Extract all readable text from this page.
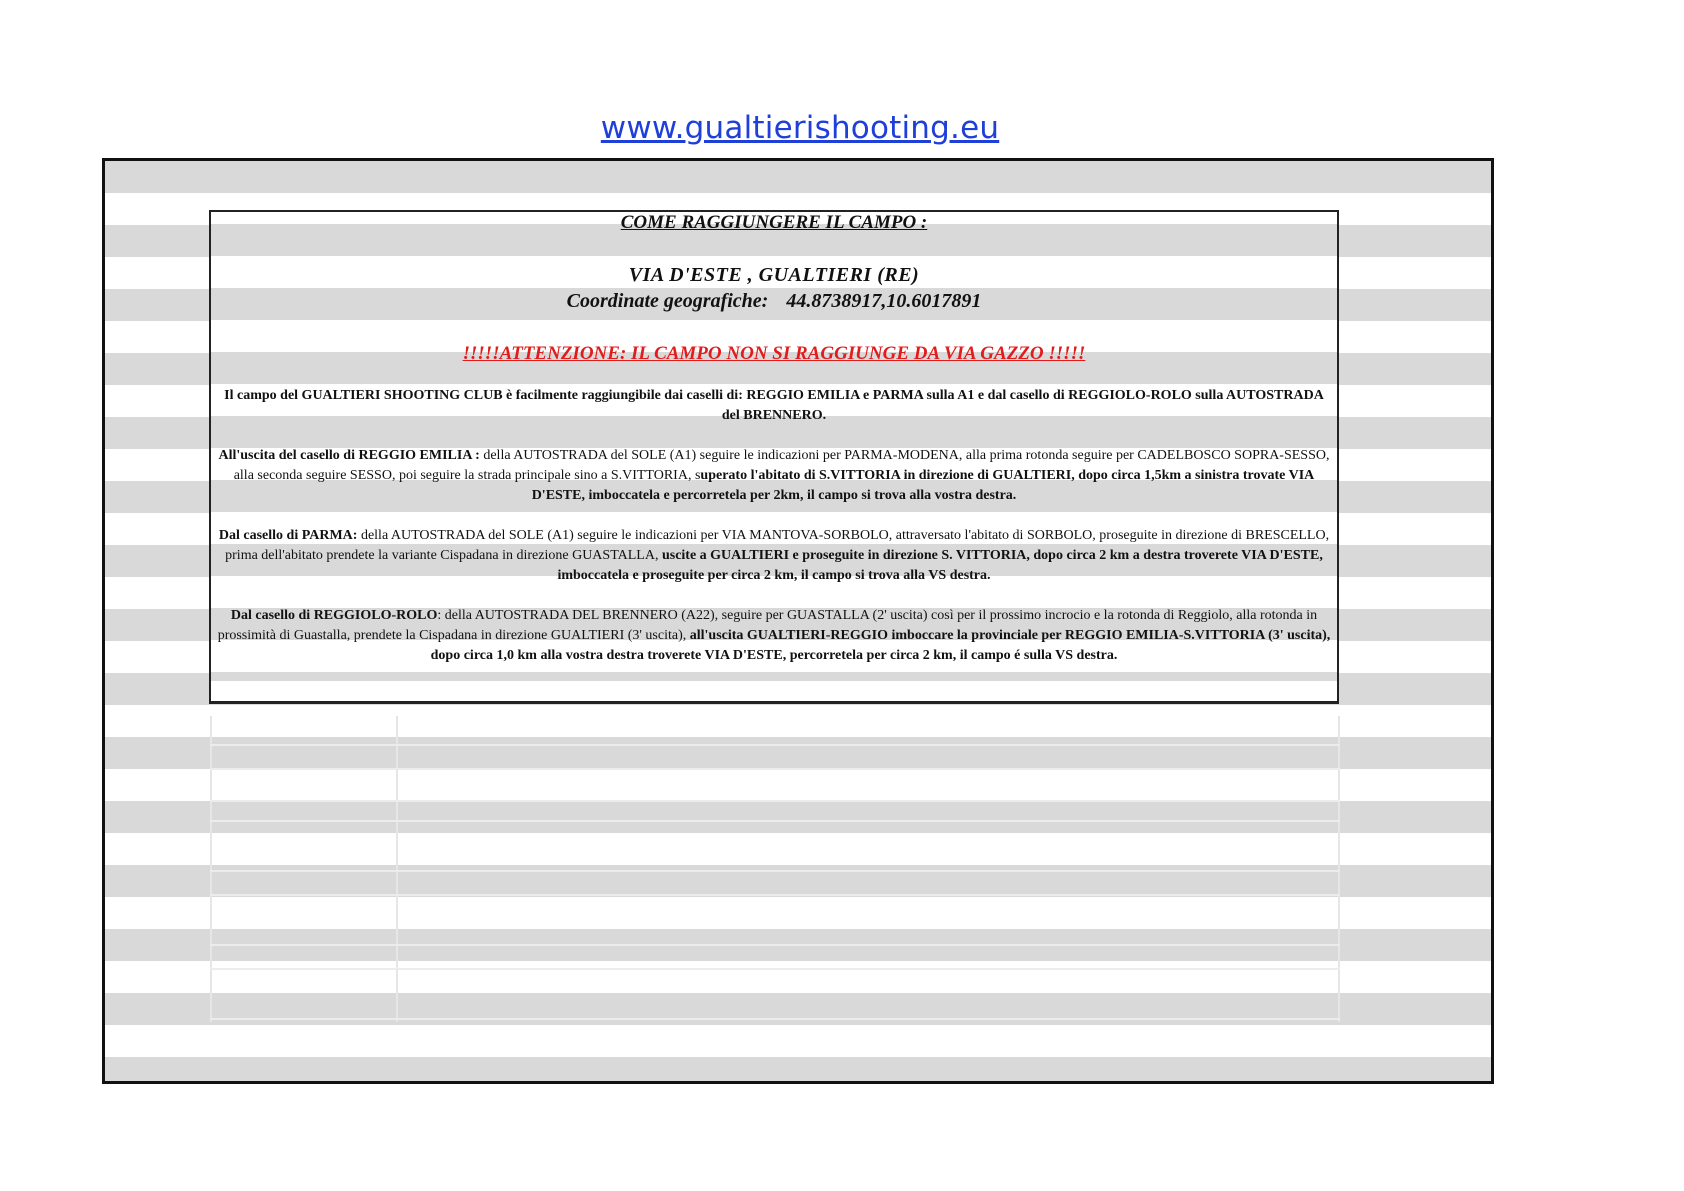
www.gualtierishooting.eu
COME RAGGIUNGERE IL CAMPO :
VIA D'ESTE , GUALTIERI (RE)
Coordinate geografiche: 44.8738917,10.6017891
!!!!!ATTENZIONE: IL CAMPO NON SI RAGGIUNGE DA VIA GAZZO !!!!!
Il campo del GUALTIERI SHOOTING CLUB è facilmente raggiungibile dai caselli di: REGGIO EMILIA e PARMA sulla A1 e dal casello di REGGIOLO-ROLO sulla AUTOSTRADA del BRENNERO.
All'uscita del casello di REGGIO EMILIA : della AUTOSTRADA del SOLE (A1) seguire le indicazioni per PARMA-MODENA, alla prima rotonda seguire per CADELBOSCO SOPRA-SESSO, alla seconda seguire SESSO, poi seguire la strada principale sino a S.VITTORIA, superato l'abitato di S.VITTORIA in direzione di GUALTIERI, dopo circa 1,5km a sinistra trovate VIA D'ESTE, imboccatela e percorretela per 2km, il campo si trova alla vostra destra.
Dal casello di PARMA: della AUTOSTRADA del SOLE (A1) seguire le indicazioni per VIA MANTOVA-SORBOLO, attraversato l'abitato di SORBOLO, proseguite in direzione di BRESCELLO, prima dell'abitato prendete la variante Cispadana in direzione GUASTALLA, uscite a GUALTIERI e proseguite in direzione S. VITTORIA, dopo circa 2 km a destra troverete VIA D'ESTE, imboccatela e proseguite per circa 2 km, il campo si trova alla VS destra.
Dal casello di REGGIOLO-ROLO: della AUTOSTRADA DEL BRENNERO (A22), seguire per GUASTALLA (2' uscita) così per il prossimo incrocio e la rotonda di Reggiolo, alla rotonda in prossimità di Guastalla, prendete la Cispadana in direzione GUALTIERI (3' uscita), all'uscita GUALTIERI-REGGIO imboccare la provinciale per REGGIO EMILIA-S.VITTORIA (3' uscita), dopo circa 1,0 km alla vostra destra troverete VIA D'ESTE, percorretela per circa 2 km, il campo é sulla VS destra.
